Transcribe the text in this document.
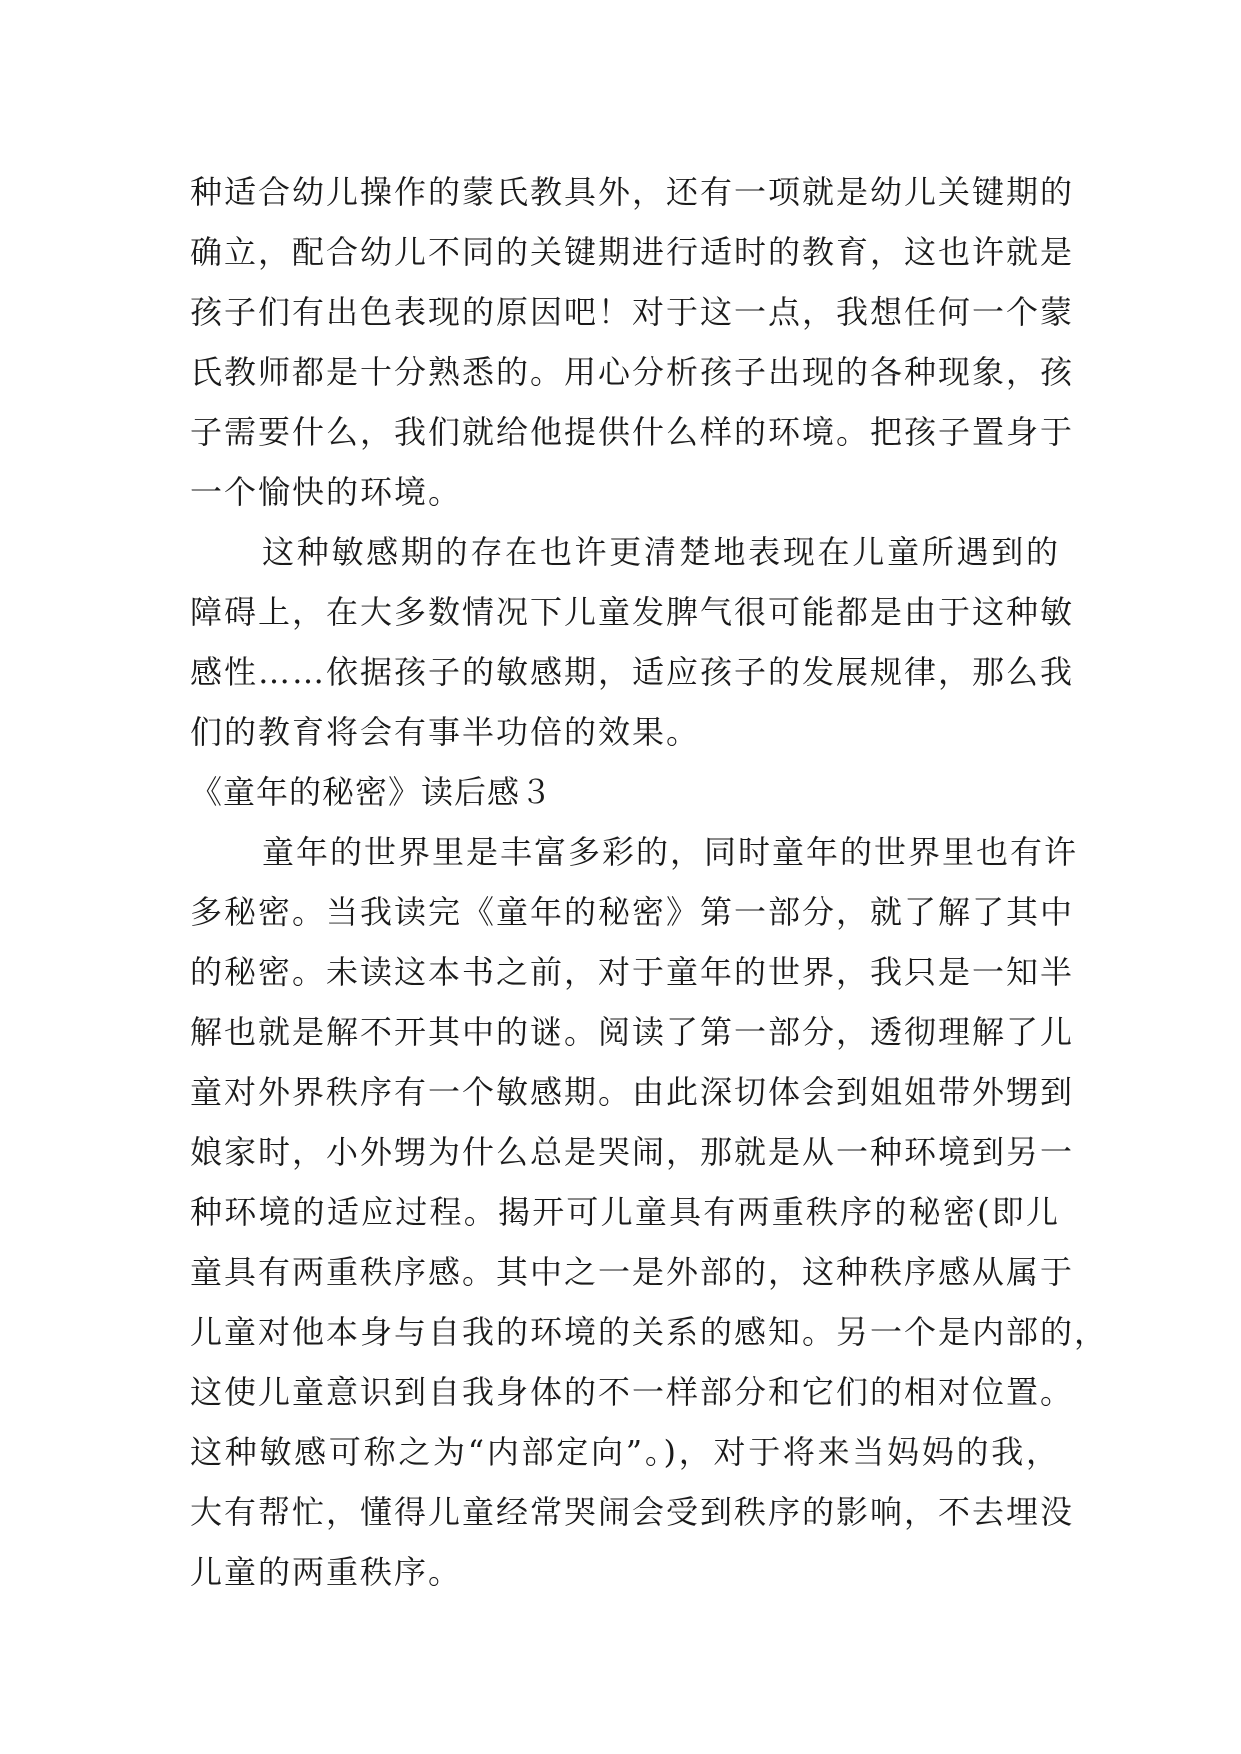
种适合幼儿操作的蒙氏教具外，还有一项就是幼儿关键期的
确立，配合幼儿不同的关键期进行适时的教育，这也许就是
孩子们有出色表现的原因吧！对于这一点，我想任何一个蒙
氏教师都是十分熟悉的。用心分析孩子出现的各种现象，孩
子需要什么，我们就给他提供什么样的环境。把孩子置身于
一个愉快的环境。
这种敏感期的存在也许更清楚地表现在儿童所遇到的
障碍上，在大多数情况下儿童发脾气很可能都是由于这种敏
感性……依据孩子的敏感期，适应孩子的发展规律，那么我
们的教育将会有事半功倍的效果。
《童年的秘密》读后感３
童年的世界里是丰富多彩的，同时童年的世界里也有许
多秘密。当我读完《童年的秘密》第一部分，就了解了其中
的秘密。未读这本书之前，对于童年的世界，我只是一知半
解也就是解不开其中的谜。阅读了第一部分，透彻理解了儿
童对外界秩序有一个敏感期。由此深切体会到姐姐带外甥到
娘家时，小外甥为什么总是哭闹，那就是从一种环境到另一
种环境的适应过程。揭开可儿童具有两重秩序的秘密(即儿
童具有两重秩序感。其中之一是外部的，这种秩序感从属于
儿童对他本身与自我的环境的关系的感知。另一个是内部的，
这使儿童意识到自我身体的不一样部分和它们的相对位置。
这种敏感可称之为“内部定向”。)，对于将来当妈妈的我，
大有帮忙，懂得儿童经常哭闹会受到秩序的影响，不去埋没
儿童的两重秩序。
